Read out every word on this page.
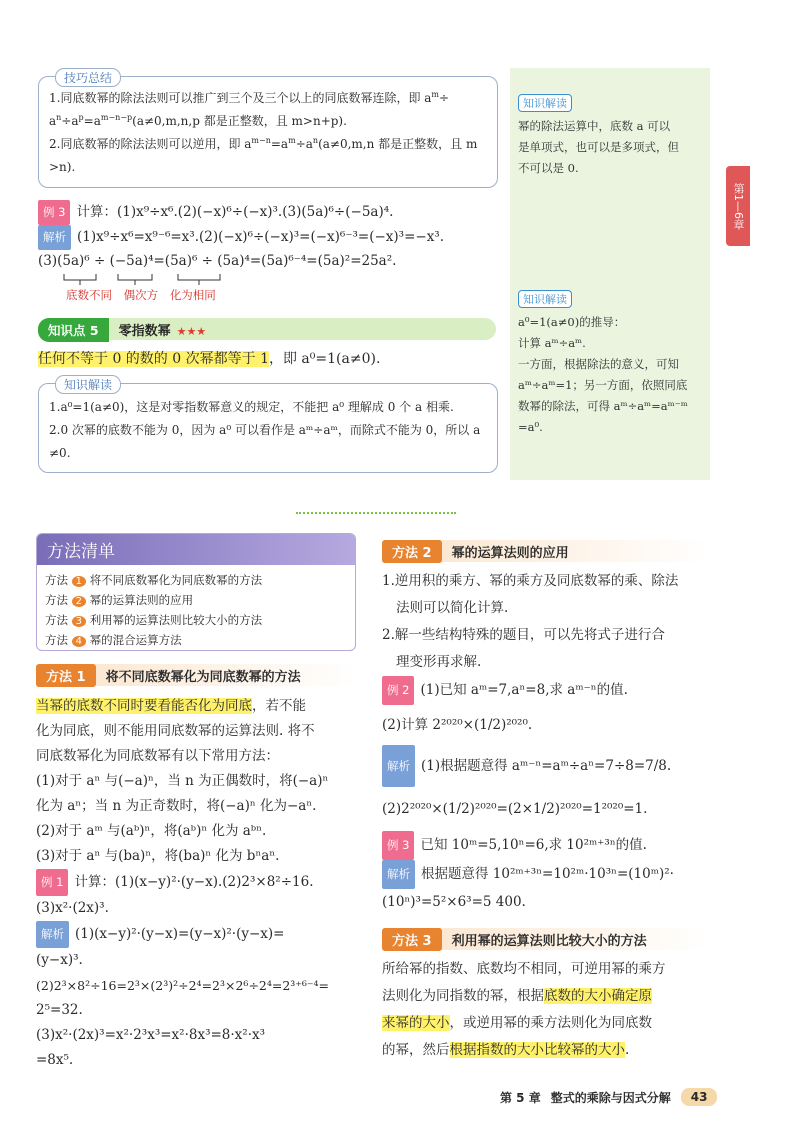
技巧总结
1.同底数幂的除法法则可以推广到三个及三个以上的同底数幂连除，即 $a^m\div$
$a^n\div a^p=a^{m-n-p}(a\ne 0,m,n,p$ 都是正整数，且 m>n+p).
2.同底数幂的除法法则可以逆用，即 $a^{m-n}=a^m\div a^n(a\ne 0,m,n$ 都是正整数，且 m
>n).
例 3 计算：(1)x⁹÷x⁶.(2)(−x)⁶÷(−x)³.(3)(5a)⁶÷(−5a)⁴.
解析 (1)x⁹÷x⁶=x⁹⁻⁶=x³.(2)(−x)⁶÷(−x)³=(−x)⁶⁻³=(−x)³=−x³.
(3)(5a)⁶ ÷ (−5a)⁴=(5a)⁶ ÷ (5a)⁴=(5a)⁶⁻⁴=(5a)²=25a².
底数不同 偶次方 化为相同
知识点 5 零指数幂 ★★★
任何不等于 0 的数的 0 次幂都等于 1，即 a⁰=1(a≠0).
知识解读
1.a⁰=1(a≠0)，这是对零指数幂意义的规定，不能把 a⁰ 理解成 0 个 a 相乘.
2.0 次幂的底数不能为 0，因为 a⁰ 可以看作是 aᵐ÷aᵐ，而除式不能为 0，所以 a
≠0.
知识解读
幂的除法运算中，底数 a 可以
是单项式，也可以是多项式，但
不可以是 0.
知识解读
a⁰=1(a≠0)的推导：
计算 aᵐ÷aᵐ.
一方面，根据除法的意义，可知
aᵐ÷aᵐ=1；另一方面，依照同底
数幂的除法，可得 aᵐ÷aᵐ=aᵐ⁻ᵐ
=a⁰.
第1—6章
方法清单
方法 1 将不同底数幂化为同底数幂的方法
方法 2 幂的运算法则的应用
方法 3 利用幂的运算法则比较大小的方法
方法 4 幂的混合运算方法
方法 1 将不同底数幂化为同底数幂的方法
当幂的底数不同时要看能否化为同底，若不能
化为同底，则不能用同底数幂的运算法则. 将不
同底数幂化为同底数幂有以下常用方法：
(1)对于 aⁿ 与(−a)ⁿ，当 n 为正偶数时，将(−a)ⁿ
化为 aⁿ；当 n 为正奇数时，将(−a)ⁿ 化为−aⁿ.
(2)对于 aᵐ 与(aᵇ)ⁿ，将(aᵇ)ⁿ 化为 aᵇⁿ.
(3)对于 aⁿ 与(ba)ⁿ，将(ba)ⁿ 化为 bⁿaⁿ.
例 1 计算：(1)(x−y)²·(y−x).(2)2³×8²÷16.
(3)x²·(2x)³.
解析 (1)(x−y)²·(y−x)=(y−x)²·(y−x)=
(y−x)³.
(2)2³×8²÷16=2³×(2³)²÷2⁴=2³×2⁶÷2⁴=2³⁺⁶⁻⁴=
2⁵=32.
(3)x²·(2x)³=x²·2³x³=x²·8x³=8·x²·x³
=8x⁵.
方法 2 幂的运算法则的应用
1.逆用积的乘方、幂的乘方及同底数幂的乘、除法
法则可以简化计算.
2.解一些结构特殊的题目，可以先将式子进行合
理变形再求解.
例 2 (1)已知 aᵐ=7,aⁿ=8,求 aᵐ⁻ⁿ的值.
(2)计算 2²⁰²⁰×(1/2)²⁰²⁰.
解析 (1)根据题意得 aᵐ⁻ⁿ=aᵐ÷aⁿ=7÷8=7/8.
(2)2²⁰²⁰×(1/2)²⁰²⁰=(2×1/2)²⁰²⁰=1²⁰²⁰=1.
例 3 已知 10ᵐ=5,10ⁿ=6,求 10²ᵐ⁺³ⁿ的值.
解析 根据题意得 10²ᵐ⁺³ⁿ=10²ᵐ·10³ⁿ=(10ᵐ)²·
(10ⁿ)³=5²×6³=5 400.
方法 3 利用幂的运算法则比较大小的方法
所给幂的指数、底数均不相同，可逆用幂的乘方
法则化为同指数的幂，根据底数的大小确定原
来幂的大小，或逆用幂的乘方法则化为同底数
的幂，然后根据指数的大小比较幂的大小.
第 5 章 整式的乘除与因式分解	43
